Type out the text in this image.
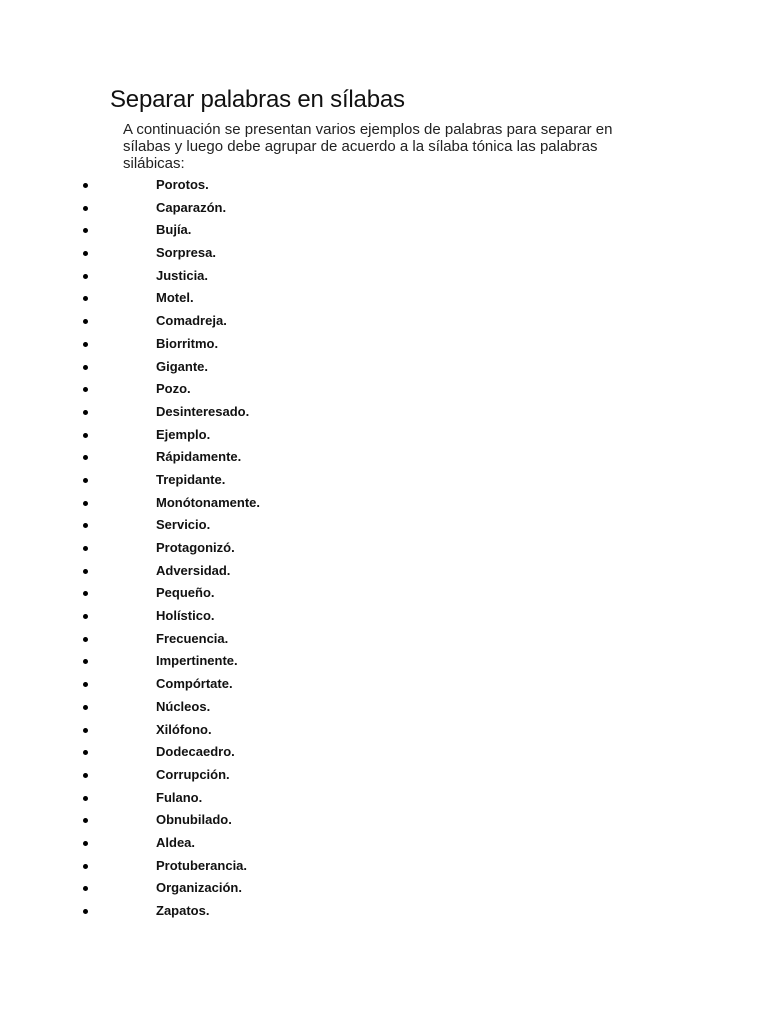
Separar palabras en sílabas

A continuación se presentan varios ejemplos de palabras para separar en sílabas y luego debe agrupar de acuerdo a la sílaba tónica las palabras silábicas:

Porotos.
Caparazón.
Bujía.
Sorpresa.
Justicia.
Motel.
Comadreja.
Biorritmo.
Gigante.
Pozo.
Desinteresado.
Ejemplo.
Rápidamente.
Trepidante.
Monótonamente.
Servicio.
Protagonizó.
Adversidad.
Pequeño.
Holístico.
Frecuencia.
Impertinente.
Compórtate.
Núcleos.
Xilófono.
Dodecaedro.
Corrupción.
Fulano.
Obnubilado.
Aldea.
Protuberancia.
Organización.
Zapatos.
